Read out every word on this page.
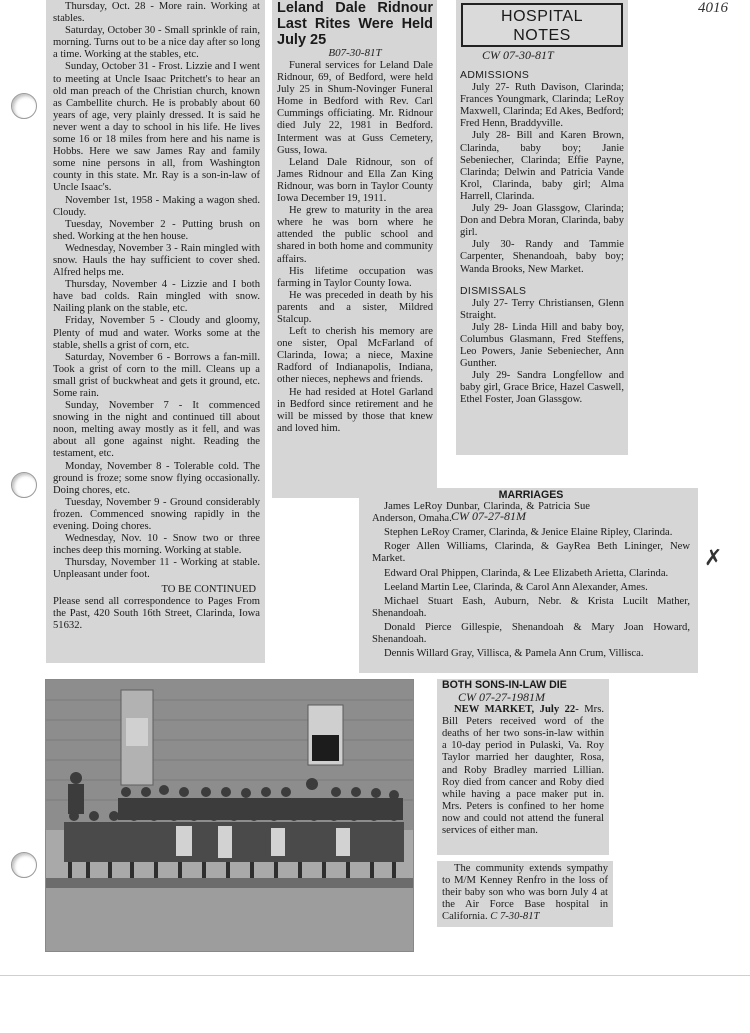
4016

Thursday, Oct. 28 - More rain. Working at stables.

Saturday, October 30 - Small sprinkle of rain, morning. Turns out to be a nice day after so long a time. Working at the stables, etc.

Sunday, October 31 - Frost. Lizzie and I went to meeting at Uncle Isaac Pritchett's to hear an old man preach of the Christian church, known as Cambellite church. He is probably about 60 years of age, very plainly dressed. It is said he never went a day to school in his life. He lives some 16 or 18 miles from here and his name is Hobbs. Here we saw James Ray and family some nine persons in all, from Washington county in this state. Mr. Ray is a son-in-law of Uncle Isaac's.

November 1st, 1958 - Making a wagon shed. Cloudy.

Tuesday, November 2 - Putting brush on shed. Working at the hen house.

Wednesday, November 3 - Rain mingled with snow. Hauls the hay sufficient to cover shed. Alfred helps me.

Thursday, November 4 - Lizzie and I both have bad colds. Rain mingled with snow. Nailing plank on the stable, etc.

Friday, November 5 - Cloudy and gloomy, Plenty of mud and water. Works some at the stable, shells a grist of corn, etc.

Saturday, November 6 - Borrows a fan-mill. Took a grist of corn to the mill. Cleans up a small grist of buckwheat and gets it ground, etc. Some rain.

Sunday, November 7 - It commenced snowing in the night and continued till about noon, melting away mostly as it fell, and was about all gone against night. Reading the testament, etc.

Monday, November 8 - Tolerable cold. The ground is froze; some snow flying occasionally. Doing chores, etc.

Tuesday, November 9 - Ground considerably frozen. Commenced snowing rapidly in the evening. Doing chores.

Wednesday, Nov. 10 - Snow two or three inches deep this morning. Working at stable.

Thursday, November 11 - Working at stable. Unpleasant under foot.

TO BE CONTINUED

Please send all correspondence to Pages From the Past, 420 South 16th Street, Clarinda, Iowa 51632.

Leland Dale Ridnour Last Rites Were Held July 25
B07-30-81T

Funeral services for Leland Dale Ridnour, 69, of Bedford, were held July 25 in Shum-Novinger Funeral Home in Bedford with Rev. Carl Cummings officiating. Mr. Ridnour died July 22, 1981 in Bedford. Interment was at Guss Cemetery, Guss, Iowa.

Leland Dale Ridnour, son of James Ridnour and Ella Zan King Ridnour, was born in Taylor County Iowa December 19, 1911.

He grew to maturity in the area where he was born where he attended the public school and shared in both home and community affairs.

His lifetime occupation was farming in Taylor County Iowa.

He was preceded in death by his parents and a sister, Mildred Stalcup.

Left to cherish his memory are one sister, Opal McFarland of Clarinda, Iowa; a niece, Maxine Radford of Indianapolis, Indiana, other nieces, nephews and friends.

He had resided at Hotel Garland in Bedford since retirement and he will be missed by those that knew and loved him.

HOSPITAL
NOTES
CW 07-30-81T
ADMISSIONS

July 27- Ruth Davison, Clarinda; Frances Youngmark, Clarinda; LeRoy Maxwell, Clarinda; Ed Akes, Bedford; Fred Henn, Braddyville.

July 28- Bill and Karen Brown, Clarinda, baby boy; Janie Sebeniecher, Clarinda; Effie Payne, Clarinda; Delwin and Patricia Vande Krol, Clarinda, baby girl; Alma Harrell, Clarinda.

July 29- Joan Glassgow, Clarinda; Don and Debra Moran, Clarinda, baby girl.

July 30- Randy and Tammie Carpenter, Shenandoah, baby boy; Wanda Brooks, New Market.

DISMISSALS

July 27- Terry Christiansen, Glenn Straight.

July 28- Linda Hill and baby boy, Columbus Glasmann, Fred Steffens, Leo Powers, Janie Sebeniecher, Ann Gunther.

July 29- Sandra Longfellow and baby girl, Grace Brice, Hazel Caswell, Ethel Foster, Joan Glassgow.

MARRIAGES
CW 07-27-81M

James LeRoy Dunbar, Clarinda, & Patricia Sue Anderson, Omaha.

Stephen LeRoy Cramer, Clarinda, & Jenice Elaine Ripley, Clarinda.

Roger Allen Williams, Clarinda, & GayRea Beth Lininger, New Market.

Edward Oral Phippen, Clarinda, & Lee Elizabeth Arietta, Clarinda.

Leeland Martin Lee, Clarinda, & Carol Ann Alexander, Ames.

Michael Stuart Eash, Auburn, Nebr. & Krista Lucilt Mather, Shenandoah.

Donald Pierce Gillespie, Shenandoah & Mary Joan Howard, Shenandoah.

Dennis Willard Gray, Villisca, & Pamela Ann Crum, Villisca.

✗
BOTH SONS-IN-LAW DIE
CW 07-27-1981M

NEW MARKET, July 22- Mrs. Bill Peters received word of the deaths of her two sons-in-law within a 10-day period in Pulaski, Va. Roy Taylor married her daughter, Rosa, and Roby Bradley married Lillian. Roy died from cancer and Roby died while having a pace maker put in. Mrs. Peters is confined to her home now and could not attend the funeral services of either man.

The community extends sympathy to M/M Kenney Renfro in the loss of their baby son who was born July 4 at the Air Force Base hospital in California. C 7-30-81T
